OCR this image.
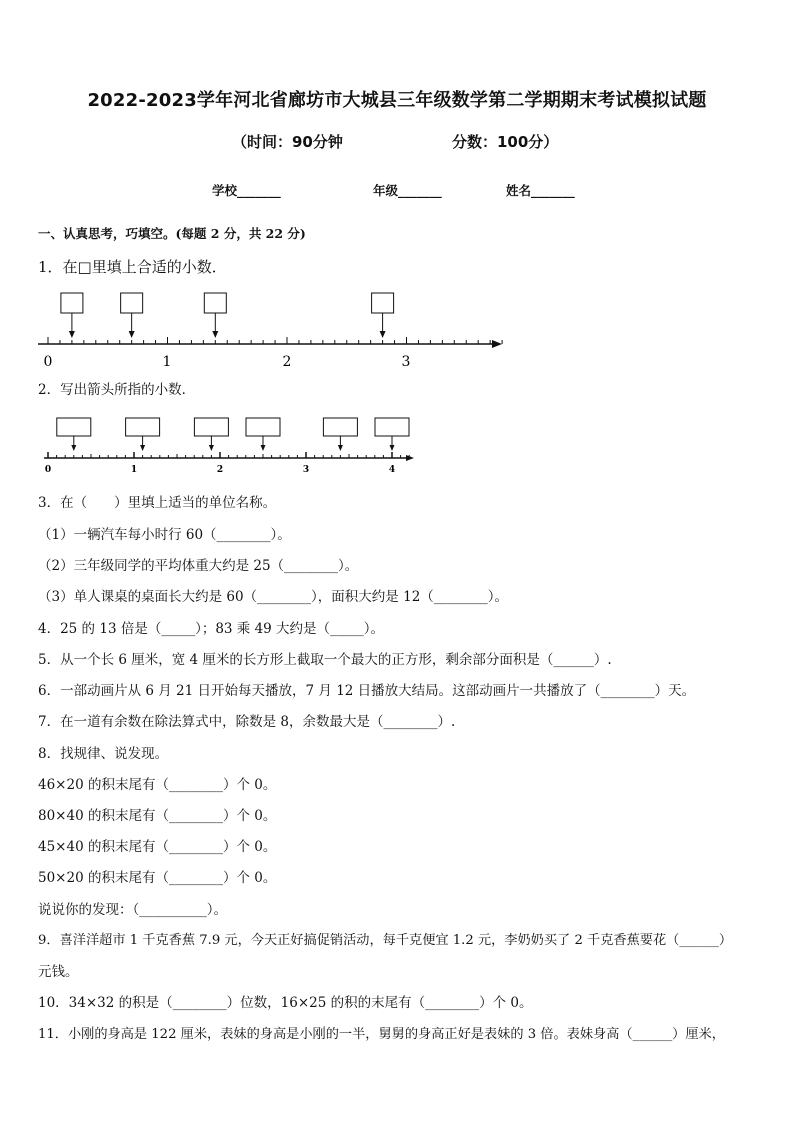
2022-2023学年河北省廊坊市大城县三年级数学第二学期期末考试模拟试题
（时间：90分钟	分数：100分）
学校_______	年级_______	姓名_______
一、认真思考，巧填空。(每题 2 分，共 22 分)
1．在□里填上合适的小数．
0	1	2	3
2．写出箭头所指的小数．
0	1	2	3	4
3．在（　　）里填上适当的单位名称。
（1）一辆汽车每小时行 60（________）。
（2）三年级同学的平均体重大约是 25（________）。
（3）单人课桌的桌面长大约是 60（________），面积大约是 12（________）。
4．25 的 13 倍是（_____）；83 乘 49 大约是（_____）。
5．从一个长 6 厘米，宽 4 厘米的长方形上截取一个最大的正方形，剩余部分面积是（______）.
6．一部动画片从 6 月 21 日开始每天播放，7 月 12 日播放大结局。这部动画片一共播放了（________）天。
7．在一道有余数在除法算式中，除数是 8，余数最大是（________）.
8．找规律、说发现。
46×20 的积末尾有（________）个 0。
80×40 的积末尾有（________）个 0。
45×40 的积末尾有（________）个 0。
50×20 的积末尾有（________）个 0。
说说你的发现：（__________）。
9．喜洋洋超市 1 千克香蕉 7.9 元，今天正好搞促销活动，每千克便宜 1.2 元，李奶奶买了 2 千克香蕉要花（______）
元钱。
10．34×32 的积是（________）位数，16×25 的积的末尾有（________）个 0。
11．小刚的身高是 122 厘米，表妹的身高是小刚的一半，舅舅的身高正好是表妹的 3 倍。表妹身高（______）厘米，
